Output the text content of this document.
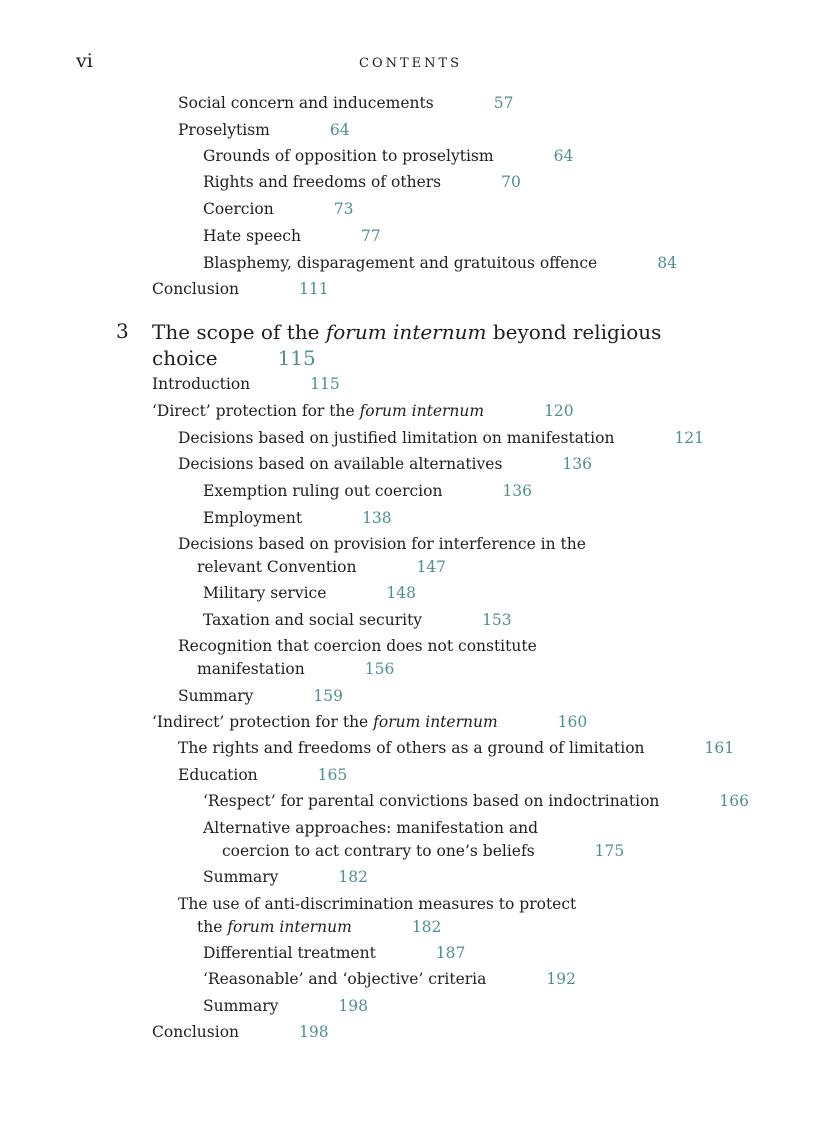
vi	CONTENTS
Social concern and inducements	57
Proselytism	64
Grounds of opposition to proselytism	64
Rights and freedoms of others	70
Coercion	73
Hate speech	77
Blasphemy, disparagement and gratuitous offence	84
Conclusion	111
3 The scope of the forum internum beyond religious
choice	115
Introduction	115
‘Direct’ protection for the forum internum	120
Decisions based on justified limitation on manifestation	121
Decisions based on available alternatives	136
Exemption ruling out coercion	136
Employment	138
Decisions based on provision for interference in the
relevant Convention	147
Military service	148
Taxation and social security	153
Recognition that coercion does not constitute
manifestation	156
Summary	159
‘Indirect’ protection for the forum internum	160
The rights and freedoms of others as a ground of limitation	161
Education	165
‘Respect’ for parental convictions based on indoctrination	166
Alternative approaches: manifestation and
coercion to act contrary to one’s beliefs	175
Summary	182
The use of anti-discrimination measures to protect
the forum internum	182
Differential treatment	187
‘Reasonable’ and ‘objective’ criteria	192
Summary	198
Conclusion	198
